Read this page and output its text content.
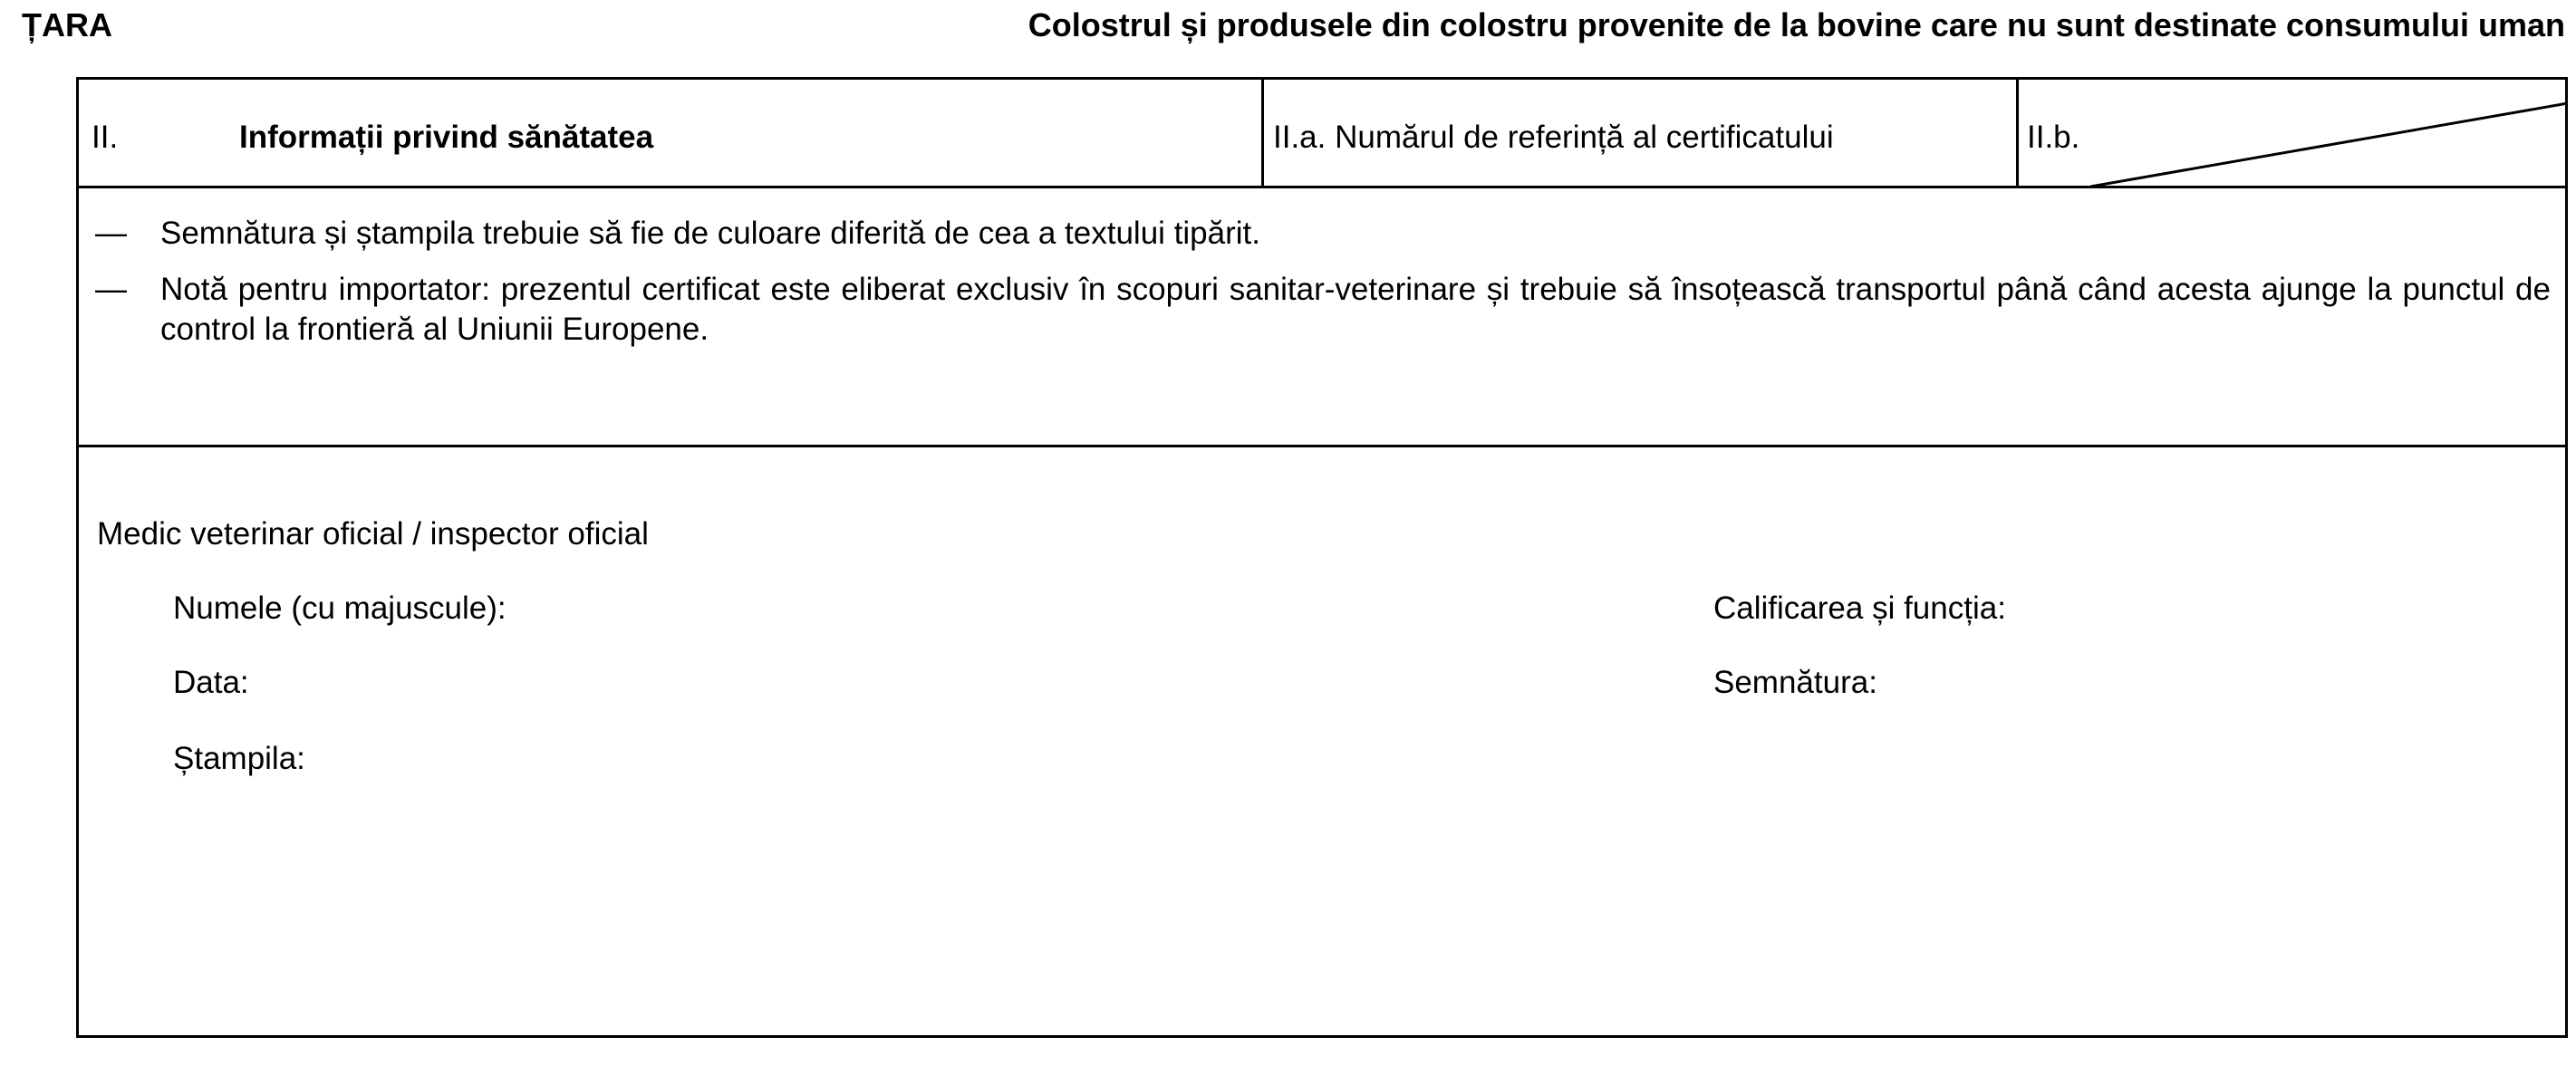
ȚARA	Colostrul și produsele din colostru provenite de la bovine care nu sunt destinate consumului uman
II.	Informații privind sănătatea	II.a. Numărul de referință al certificatului	II.b.
— Semnătura și ștampila trebuie să fie de culoare diferită de cea a textului tipărit.
— Notă pentru importator: prezentul certificat este eliberat exclusiv în scopuri sanitar-veterinare și trebuie să însoțească transportul până când acesta ajunge la punctul de control la frontieră al Uniunii Europene.
Medic veterinar oficial / inspector oficial
Numele (cu majuscule):	Calificarea și funcția:
Data:	Semnătura:
Ștampila:
